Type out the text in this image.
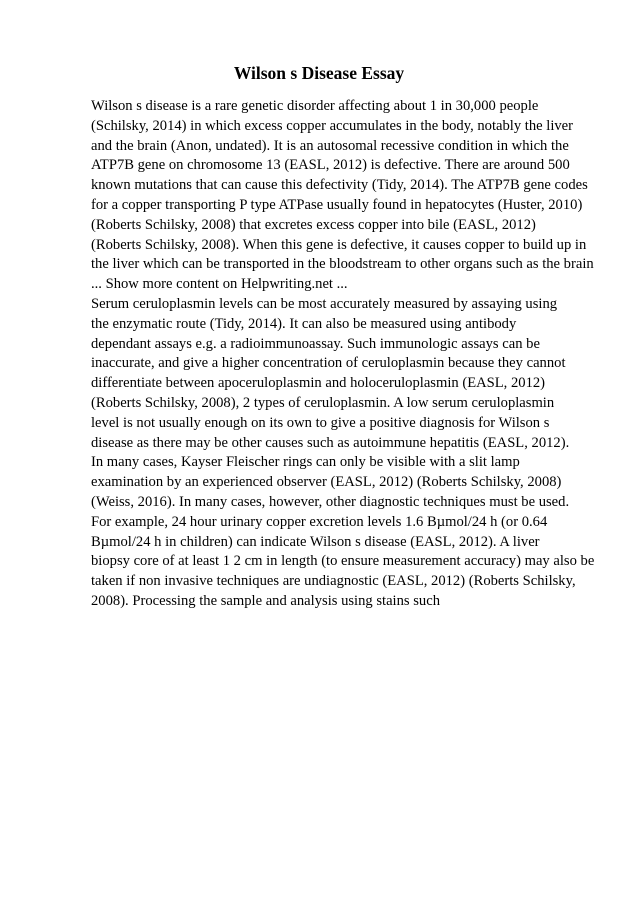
Wilson s Disease Essay
Wilson s disease is a rare genetic disorder affecting about 1 in 30,000 people
(Schilsky, 2014) in which excess copper accumulates in the body, notably the liver
and the brain (Anon, undated). It is an autosomal recessive condition in which the
ATP7B gene on chromosome 13 (EASL, 2012) is defective. There are around 500
known mutations that can cause this defectivity (Tidy, 2014). The ATP7B gene codes
for a copper transporting P type ATPase usually found in hepatocytes (Huster, 2010)
(Roberts Schilsky, 2008) that excretes excess copper into bile (EASL, 2012)
(Roberts Schilsky, 2008). When this gene is defective, it causes copper to build up in
the liver which can be transported in the bloodstream to other organs such as the brain
... Show more content on Helpwriting.net ...
Serum ceruloplasmin levels can be most accurately measured by assaying using
the enzymatic route (Tidy, 2014). It can also be measured using antibody
dependant assays e.g. a radioimmunoassay. Such immunologic assays can be
inaccurate, and give a higher concentration of ceruloplasmin because they cannot
differentiate between apoceruloplasmin and holoceruloplasmin (EASL, 2012)
(Roberts Schilsky, 2008), 2 types of ceruloplasmin. A low serum ceruloplasmin
level is not usually enough on its own to give a positive diagnosis for Wilson s
disease as there may be other causes such as autoimmune hepatitis (EASL, 2012).
In many cases, Kayser Fleischer rings can only be visible with a slit lamp
examination by an experienced observer (EASL, 2012) (Roberts Schilsky, 2008)
(Weiss, 2016). In many cases, however, other diagnostic techniques must be used.
For example, 24 hour urinary copper excretion levels 1.6 Bµmol/24 h (or 0.64
Bµmol/24 h in children) can indicate Wilson s disease (EASL, 2012). A liver
biopsy core of at least 1 2 cm in length (to ensure measurement accuracy) may also be
taken if non invasive techniques are undiagnostic (EASL, 2012) (Roberts Schilsky,
2008). Processing the sample and analysis using stains such
